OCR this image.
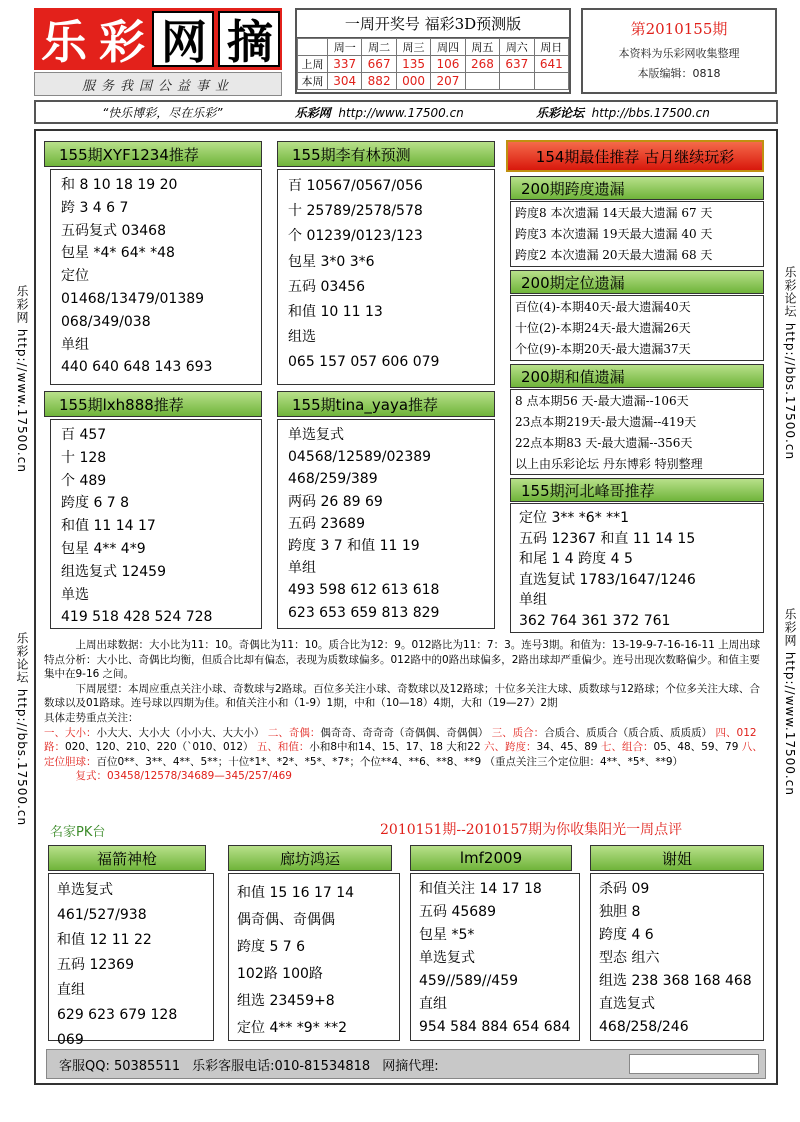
乐 彩 网 摘
服务我国公益事业
一周开奖号 福彩3D预测版
	周一	周二	周三	周四	周五	周六	周日
上周	337	667	135	106	268	637	641
本周	304	882	000	207			
第2010155期
本资料为乐彩网收集整理
本版编辑：0818
“快乐博彩，尽在乐彩”	乐彩网 http://www.17500.cn	乐彩论坛 http://bbs.17500.cn
乐彩网 http://www.17500.cn
乐彩论坛 http://bbs.17500.cn
乐彩论坛 http://bbs.17500.cn
乐彩网 http://www.17500.cn
155期XYF1234推荐
和 8 10 18 19 20
跨 3 4 6 7
五码复式 03468
包星 *4* 64* *48
定位
01468/13479/01389
068/349/038
单组
440 640 648 143 693
155期李有林预测
百 10567/0567/056
十 25789/2578/578
个 01239/0123/123
包星 3*0 3*6
五码 03456
和值 10 11 13
组选
065 157 057 606 079
155期lxh888推荐
百 457
十 128
个 489
跨度 6 7 8
和值 11 14 17
包星 4** 4*9
组选复式 12459
单选
419 518 428 524 728
155期tina_yaya推荐
单选复式
04568/12589/02389
468/259/389
两码 26 89 69
五码 23689
跨度 3 7 和值 11 19
单组
493 598 612 613 618
623 653 659 813 829
154期最佳推荐 古月继续玩彩
200期跨度遗漏
跨度8 本次遗漏 14天最大遗漏 67 天
跨度3 本次遗漏 19天最大遗漏 40 天
跨度2 本次遗漏 20天最大遗漏 68 天
200期定位遗漏
百位(4)-本期40天-最大遗漏40天
十位(2)-本期24天-最大遗漏26天
个位(9)-本期20天-最大遗漏37天
200期和值遗漏
8 点本期56 天-最大遗漏--106天
23点本期219天-最大遗漏--419天
22点本期83 天-最大遗漏--356天
以上由乐彩论坛 丹东博彩 特别整理
155期河北峰哥推荐
定位 3** *6* **1
五码 12367 和直 11 14 15
和尾 1 4 跨度 4 5
直选复试 1783/1647/1246
单组
362 764 361 372 761

上周出球数据：大小比为11：10。奇偶比为11：10。质合比为12：9。012路比为11：7：3。连号3期。和值为：13-19-9-7-16-16-11 上周出球特点分析：大小比、奇偶比均衡，但质合比却有偏态，表现为质数球偏多。012路中的0路出球偏多，2路出球却严重偏少。连号出现次数略偏少。和值主要集中在9-16 之间。

下周展望：本周应重点关注小球、奇数球与2路球。百位多关注小球、奇数球以及12路球；十位多关注大球、质数球与12路球；个位多关注大球、合数球以及01路球。连号球以四期为佳。和值关注小和（1-9）1期，中和（10—18）4期，大和（19—27）2期

具体走势重点关注：

一、大小：小大大、大小大（小小大、大大小） 二、奇偶：偶奇奇、奇奇奇（奇偶偶、奇偶偶） 三、质合：合质合、质质合（质合质、质质质） 四、012路：020、120、210、220（`010、012） 五、和值：小和8中和14、15、17、18 大和22 六、跨度：34、45、89 七、组合：05、48、59、79 八、定位胆球：百位0**、3**、4**、5**；十位*1*、*2*、*5*、*7*；个位**4、**6、**8、**9 （重点关注三个定位胆：4**、*5*、**9）

复式：03458/12578/34689—345/257/469

名家PK台	2010151期--2010157期为你收集阳光一周点评
福箭神枪
单选复式
461/527/938
和值 12 11 22
五码 12369
直组
629 623 679 128 069
廊坊鸿运
和值 15 16 17 14
偶奇偶、奇偶偶
跨度 5 7 6
102路 100路
组选 23459+8
定位 4** *9* **2
lmf2009
和值关注 14 17 18
五码 45689
包星 *5*
单选复式
459//589//459
直组
954 584 884 654 684
谢姐
杀码 09
独胆 8
跨度 4 6
型态 组六
组选 238 368 168 468
直选复式
468/258/246
客服QQ: 50385511 乐彩客服电话:010-81534818 网摘代理:
